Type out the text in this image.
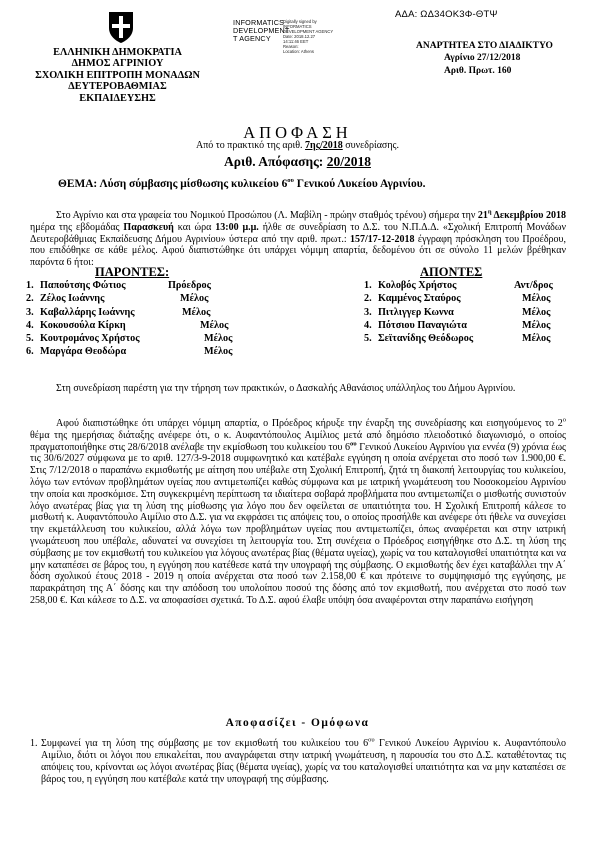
ΑΔΑ: ΩΔ34ΟΚ3Φ-ΘΤΨ
ΕΛΛΗΝΙΚΗ ΔΗΜΟΚΡΑΤΙΑ
ΔΗΜΟΣ ΑΓΡΙΝΙΟΥ
ΣΧΟΛΙΚΗ ΕΠΙΤΡΟΠΗ ΜΟΝΑΔΩΝ
ΔΕΥΤΕΡΟΒΑΘΜΙΑΣ ΕΚΠΑΙΔΕΥΣΗΣ
INFORMATICS
DEVELOPMENT
T AGENCY
Digitally signed by
INFORMATICS
DEVELOPMENT AGENCY
Date: 2018.12.27
14:11:46 EET
Reason:
Location: Athens
ΑΝΑΡΤΗΤΕΑ ΣΤΟ ΔΙΑΔΙΚΤΥΟ
Αγρίνιο 27/12/2018
Αριθ. Πρωτ. 160
ΑΠΟΦΑΣΗ
Από το πρακτικό της αριθ. 7ης/2018 συνεδρίασης.
Αριθ. Απόφασης: 20/2018
ΘΕΜΑ: Λύση σύμβασης μίσθωσης κυλικείου $6^{o\upsilon}$ Γενικού Λυκείου Αγρινίου.
Στο Αγρίνιο και στα γραφεία του Νομικού Προσώπου (Λ. Μαβίλη - πρώην σταθμός τρένου) σήμερα την $21^\eta$ Δεκεμβρίου 2018 ημέρα της εβδομάδας Παρασκευή και ώρα 13:00 μ.μ. ήλθε σε συνεδρίαση το Δ.Σ. του Ν.Π.Δ.Δ. «Σχολική Επιτροπή Μονάδων Δευτεροβάθμιας Εκπαίδευσης Δήμου Αγρινίου» ύστερα από την αριθ. πρωτ.: 157/17-12-2018 έγγραφη πρόσκληση του Προέδρου, που επιδόθηκε σε κάθε μέλος. Αφού διαπιστώθηκε ότι υπάρχει νόμιμη απαρτία, δεδομένου ότι σε σύνολο 11 μελών βρέθηκαν παρόντα 6 ήτοι:
ΠΑΡΟΝΤΕΣ:	ΑΠΟΝΤΕΣ
1. Παπούτσης Φώτιος	Πρόεδρος
2. Ζέλος Ιωάννης	Μέλος
3. Καβαλλάρης Ιωάννης	Μέλος
4. Κοκουσούλα Κίρκη	Μέλος
5. Κουτρομάνος Χρήστος	Μέλος
6. Μαργάρα Θεοδώρα	Μέλος
1. Κολοβός Χρήστος	Αντ/δρος
2. Καμμένος Σταύρος	Μέλος
3. Πιτλιγγερ Κωννα	Μέλος
4. Πότσιου Παναγιώτα	Μέλος
5. Σεϊτανίδης Θεόδωρος	Μέλος
Στη συνεδρίαση παρέστη για την τήρηση των πρακτικών, ο Δασκαλής Αθανάσιος υπάλληλος του Δήμου Αγρινίου.
Αφού διαπιστώθηκε ότι υπάρχει νόμιμη απαρτία, ο Πρόεδρος κήρυξε την έναρξη της συνεδρίασης και εισηγούμενος το $2^o$ θέμα της ημερήσιας διάταξης ανέφερε ότι, ο κ. Αυφαντόπουλος Αιμίλιος μετά από δημόσιο πλειοδοτικό διαγωνισμό, ο οποίος πραγματοποιήθηκε στις 28/6/2018 ανέλαβε την εκμίσθωση του κυλικείου του $6^{o\upsilon}$ Γενικού Λυκείου Αγρινίου για εννέα (9) χρόνια έως τις 30/6/2027 σύμφωνα με το αριθ. 127/3-9-2018 συμφωνητικό και κατέβαλε εγγύηση η οποία ανέρχεται στο ποσό των 1.900,00 €. Στις 7/12/2018 ο παραπάνω εκμισθωτής με αίτηση που υπέβαλε στη Σχολική Επιτροπή, ζητά τη διακοπή λειτουργίας του κυλικείου, λόγω των εντόνων προβλημάτων υγείας που αντιμετωπίζει καθώς σύμφωνα και με ιατρική γνωμάτευση του Νοσοκομείου Αγρινίου την οποία και προσκόμισε. Στη συγκεκριμένη περίπτωση τα ιδιαίτερα σοβαρά προβλήματα που αντιμετωπίζει ο μισθωτής συνιστούν λόγο ανωτέρας βίας για τη λύση της μίσθωσης για λόγο που δεν οφείλεται σε υπαιτιότητα του. Η Σχολική Επιτροπή κάλεσε το μισθωτή κ. Αυφαντόπουλο Αιμίλιο στο Δ.Σ. για να εκφράσει τις απόψεις του, ο οποίος προσήλθε και ανέφερε ότι ήθελε να συνεχίσει την εκμετάλλευση του κυλικείου, αλλά λόγω των προβλημάτων υγείας που αντιμετωπίζει, όπως αναφέρεται και στην ιατρική γνωμάτευση που υπέβαλε, αδυνατεί να συνεχίσει τη λειτουργία του. Στη συνέχεια ο Πρόεδρος εισηγήθηκε στο Δ.Σ. τη λύση της σύμβασης με τον εκμισθωτή του κυλικείου για λόγους ανωτέρας βίας (θέματα υγείας), χωρίς να του καταλογισθεί υπαιτιότητα και να μην καταπέσει σε βάρος του, η εγγύηση που κατέθεσε κατά την υπογραφή της σύμβασης. Ο εκμισθωτής δεν έχει καταβάλλει την Α΄ δόση σχολικού έτους 2018 - 2019 η οποία ανέρχεται στα ποσό των 2.158,00 € και πρότεινε το συμψηφισμό της εγγύησης, με παρακράτηση της Α΄ δόσης και την απόδοση του υπολοίπου ποσού της δόσης από τον εκμισθωτή, που ανέρχεται στο ποσό των 258,00 €. Και κάλεσε το Δ.Σ. να αποφασίσει σχετικά. Το Δ.Σ. αφού έλαβε υπόψη όσα αναφέρονται στην παραπάνω εισήγηση
Αποφασίζει - Ομόφωνα
1. Συμφωνεί για τη λύση της σύμβασης με τον εκμισθωτή του κυλικείου του $6^{o\upsilon}$ Γενικού Λυκείου Αγρινίου κ. Αυφαντόπουλο Αιμίλιο, διότι οι λόγοι που επικαλείται, που αναγράφεται στην ιατρική γνωμάτευση, η παρουσία του στο Δ.Σ. καταθέτοντας τις απόψεις του, κρίνονται ως λόγοι ανωτέρας βίας (θέματα υγείας), χωρίς να του καταλογισθεί υπαιτιότητα και να μην καταπέσει σε βάρος του, η εγγύηση που κατέβαλε κατά την υπογραφή της σύμβασης.
